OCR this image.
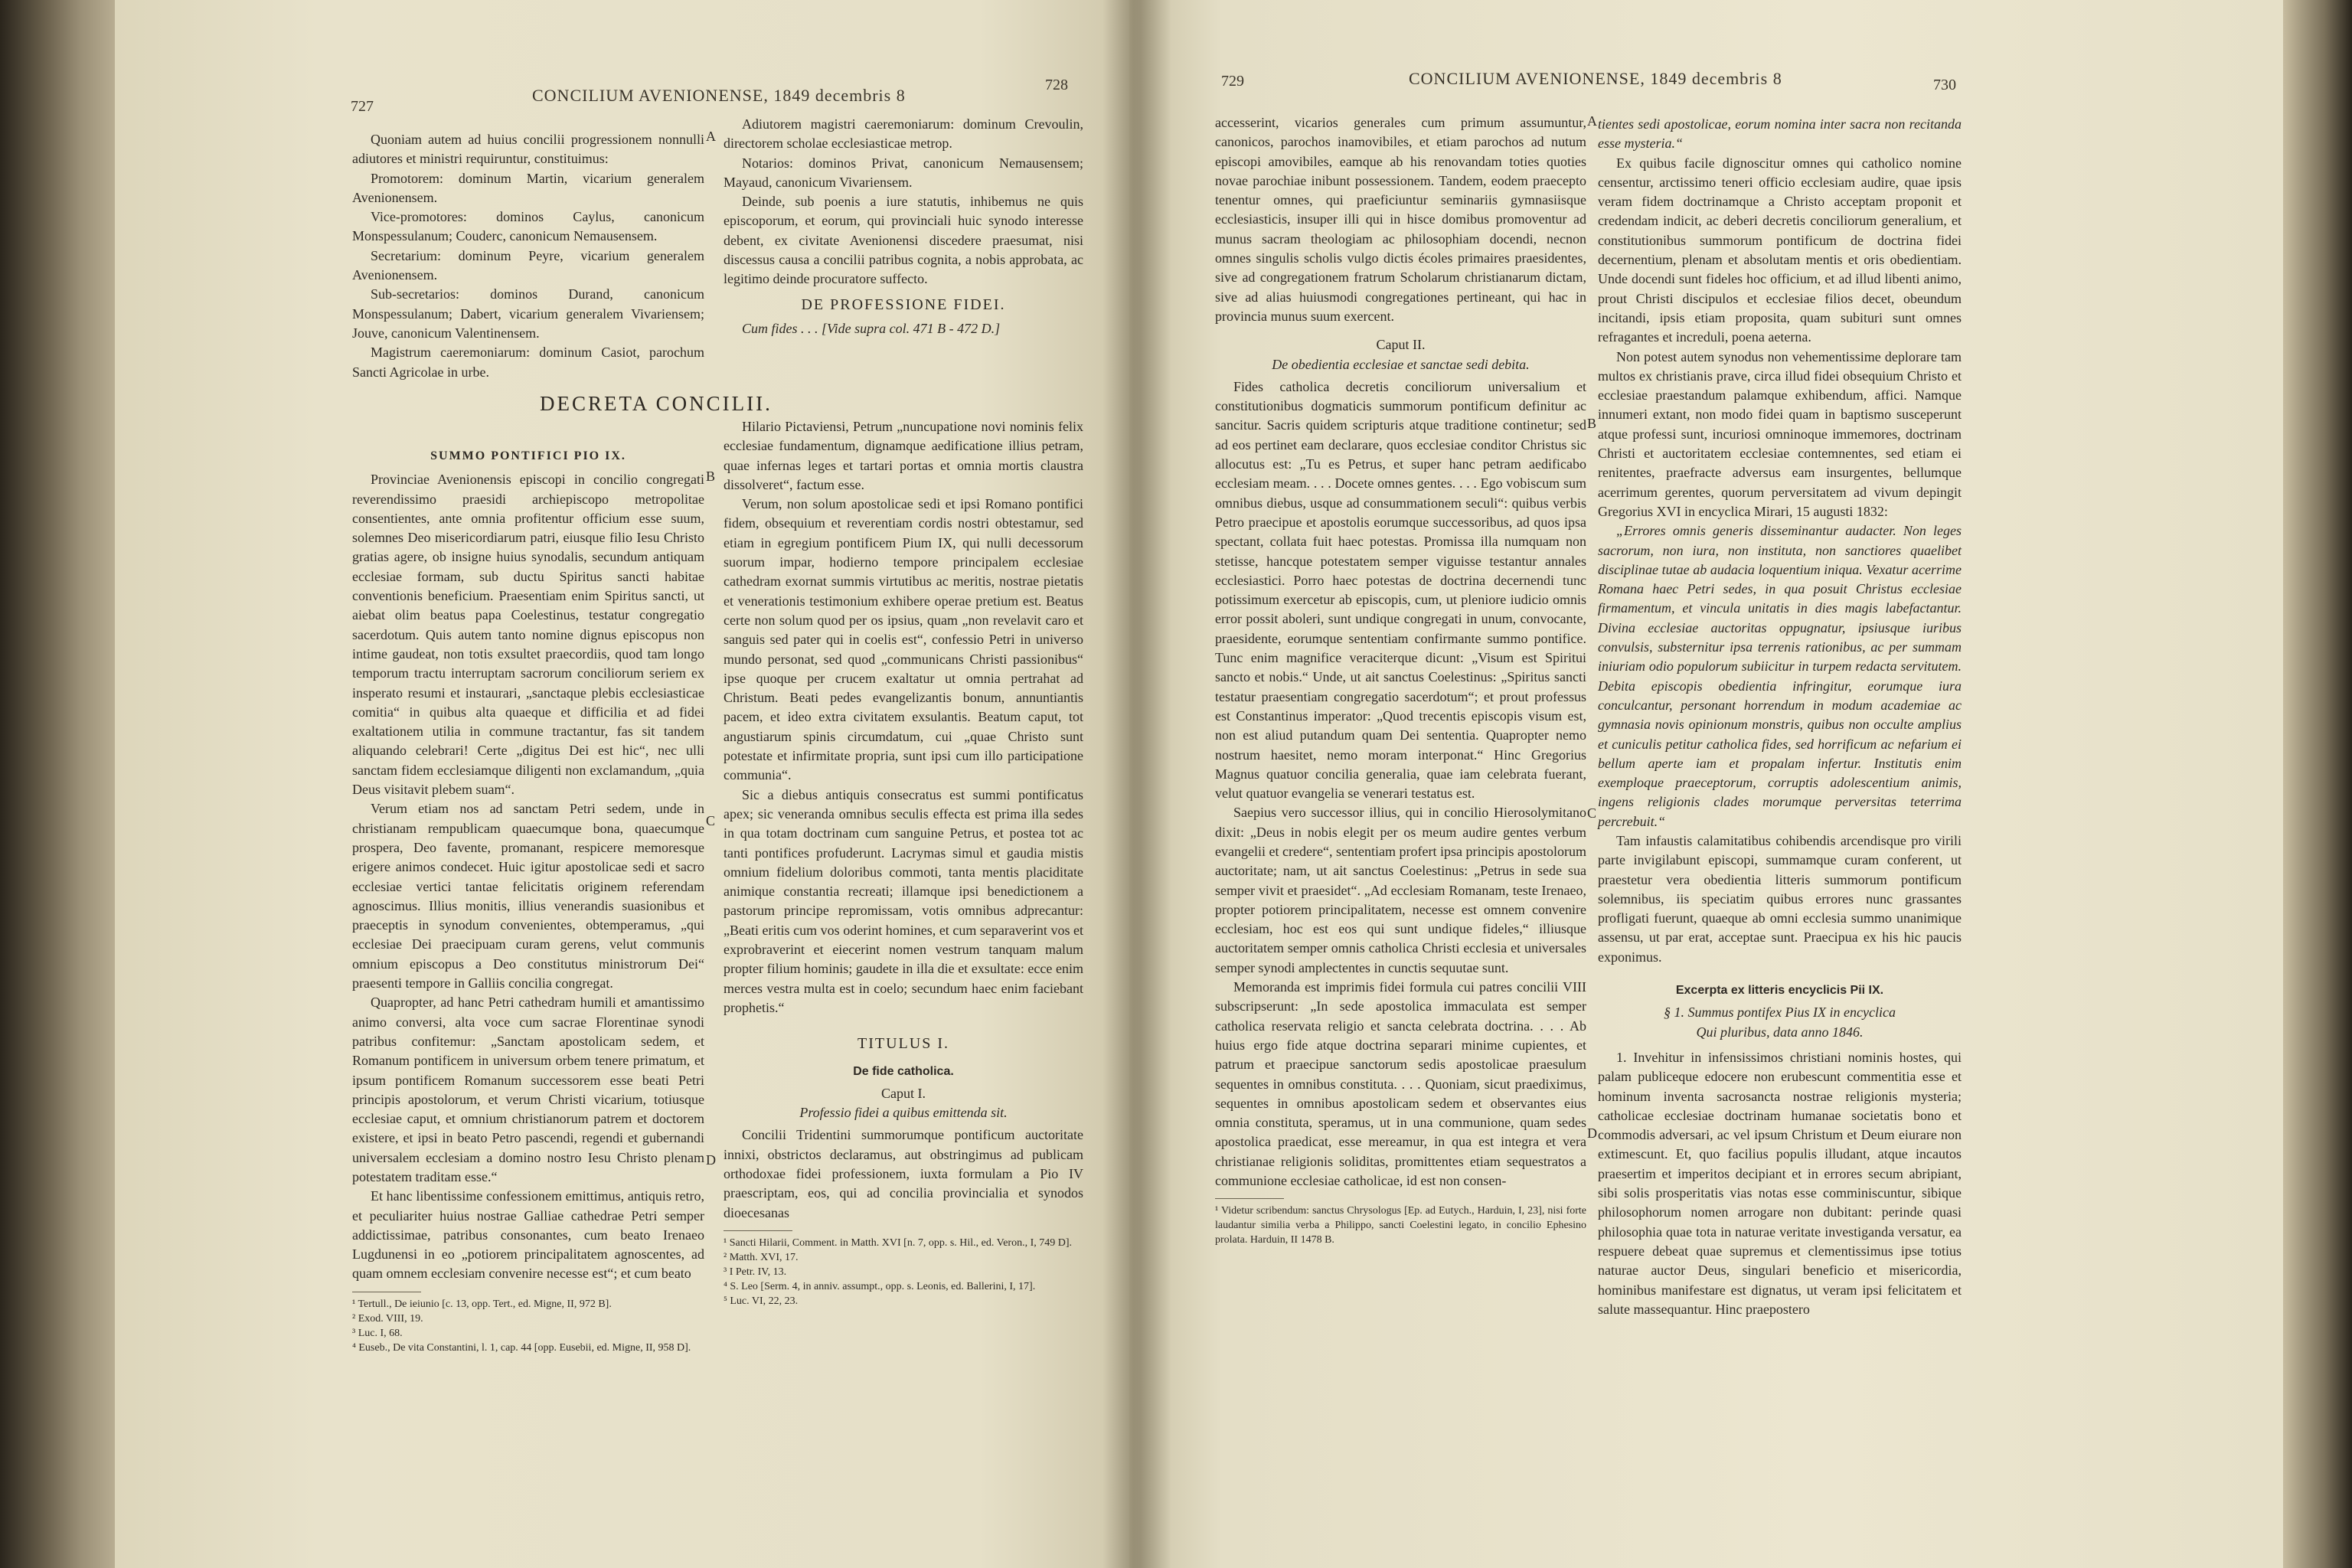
727
CONCILIUM AVENIONENSE, 1849 decembris 8
728

Quoniam autem ad huius concilii progressionem nonnulli adiutores et ministri requiruntur, constituimus:

Promotorem: dominum Martin, vicarium generalem Avenionensem.

Vice-promotores: dominos Caylus, canonicum Monspessulanum; Couderc, canonicum Nemausensem.

Secretarium: dominum Peyre, vicarium generalem Avenionensem.

Sub-secretarios: dominos Durand, canonicum Monspessulanum; Dabert, vicarium generalem Vivariensem; Jouve, canonicum Valentinensem.

Magistrum caeremoniarum: dominum Casiot, parochum Sancti Agricolae in urbe.

Adiutorem magistri caeremoniarum: dominum Crevoulin, directorem scholae ecclesiasticae metrop.

Notarios: dominos Privat, canonicum Nemausensem; Mayaud, canonicum Vivariensem.

Deinde, sub poenis a iure statutis, inhibemus ne quis episcoporum, et eorum, qui provinciali huic synodo interesse debent, ex civitate Avenionensi discedere praesumat, nisi discessus causa a concilii patribus cognita, a nobis approbata, ac legitimo deinde procuratore suffecto.

DE PROFESSIONE FIDEI.

Cum fides . . . [Vide supra col. 471 B - 472 D.]

DECRETA CONCILII.
SUMMO PONTIFICI PIO IX.

Provinciae Avenionensis episcopi in concilio congregati reverendissimo praesidi archiepiscopo metropolitae consentientes, ante omnia profitentur officium esse suum, solemnes Deo misericordiarum patri, eiusque filio Iesu Christo gratias agere, ob insigne huius synodalis, secundum antiquam ecclesiae formam, sub ductu Spiritus sancti habitae conventionis beneficium. Praesentiam enim Spiritus sancti, ut aiebat olim beatus papa Coelestinus, testatur congregatio sacerdotum. Quis autem tanto nomine dignus episcopus non intime gaudeat, non totis exsultet praecordiis, quod tam longo temporum tractu interruptam sacrorum conciliorum seriem ex insperato resumi et instaurari, „sanctaque plebis ecclesiasticae comitia“ in quibus alta quaeque et difficilia et ad fidei exaltationem utilia in commune tractantur, fas sit tandem aliquando celebrari! Certe „digitus Dei est hic“, nec ulli sanctam fidem ecclesiamque diligenti non exclamandum, „quia Deus visitavit plebem suam“.

Verum etiam nos ad sanctam Petri sedem, unde in christianam rempublicam quaecumque bona, quaecumque prospera, Deo favente, promanant, respicere memoresque erigere animos condecet. Huic igitur apostolicae sedi et sacro ecclesiae vertici tantae felicitatis originem referendam agnoscimus. Illius monitis, illius venerandis suasionibus et praeceptis in synodum convenientes, obtemperamus, „qui ecclesiae Dei praecipuam curam gerens, velut communis omnium episcopus a Deo constitutus ministrorum Dei“ praesenti tempore in Galliis concilia congregat.

Quapropter, ad hanc Petri cathedram humili et amantissimo animo conversi, alta voce cum sacrae Florentinae synodi patribus confitemur: „Sanctam apostolicam sedem, et Romanum pontificem in universum orbem tenere primatum, et ipsum pontificem Romanum successorem esse beati Petri principis apostolorum, et verum Christi vicarium, totiusque ecclesiae caput, et omnium christianorum patrem et doctorem existere, et ipsi in beato Petro pascendi, regendi et gubernandi universalem ecclesiam a domino nostro Iesu Christo plenam potestatem traditam esse.“

Et hanc libentissime confessionem emittimus, antiquis retro, et peculiariter huius nostrae Galliae cathedrae Petri semper addictissimae, patribus consonantes, cum beato Irenaeo Lugdunensi in eo „potiorem principalitatem agnoscentes, ad quam omnem ecclesiam convenire necesse est“; et cum beato

¹ Tertull., De ieiunio [c. 13, opp. Tert., ed. Migne, II, 972 B].
² Exod. VIII, 19.
³ Luc. I, 68.
⁴ Euseb., De vita Constantini, l. 1, cap. 44 [opp. Eusebii, ed. Migne, II, 958 D].

Hilario Pictaviensi, Petrum „nuncupatione novi nominis felix ecclesiae fundamentum, dignamque aedificatione illius petram, quae infernas leges et tartari portas et omnia mortis claustra dissolveret“, factum esse.

Verum, non solum apostolicae sedi et ipsi Romano pontifici fidem, obsequium et reverentiam cordis nostri obtestamur, sed etiam in egregium pontificem Pium IX, qui nulli decessorum suorum impar, hodierno tempore principalem ecclesiae cathedram exornat summis virtutibus ac meritis, nostrae pietatis et venerationis testimonium exhibere operae pretium est. Beatus certe non solum quod per os ipsius, quam „non revelavit caro et sanguis sed pater qui in coelis est“, confessio Petri in universo mundo personat, sed quod „communicans Christi passionibus“ ipse quoque per crucem exaltatur ut omnia pertrahat ad Christum. Beati pedes evangelizantis bonum, annuntiantis pacem, et ideo extra civitatem exsulantis. Beatum caput, tot angustiarum spinis circumdatum, cui „quae Christo sunt potestate et infirmitate propria, sunt ipsi cum illo participatione communia“.

Sic a diebus antiquis consecratus est summi pontificatus apex; sic veneranda omnibus seculis effecta est prima illa sedes in qua totam doctrinam cum sanguine Petrus, et postea tot ac tanti pontifices profuderunt. Lacrymas simul et gaudia mistis omnium fidelium doloribus commoti, tanta mentis placiditate animique constantia recreati; illamque ipsi benedictionem a pastorum principe repromissam, votis omnibus adprecantur: „Beati eritis cum vos oderint homines, et cum separaverint vos et exprobraverint et eiecerint nomen vestrum tanquam malum propter filium hominis; gaudete in illa die et exsultate: ecce enim merces vestra multa est in coelo; secundum haec enim faciebant prophetis.“

TITULUS I.
De fide catholica.
Caput I.
Professio fidei a quibus emittenda sit.

Concilii Tridentini summorumque pontificum auctoritate innixi, obstrictos declaramus, aut obstringimus ad publicam orthodoxae fidei professionem, iuxta formulam a Pio IV praescriptam, eos, qui ad concilia provincialia et synodos dioecesanas

¹ Sancti Hilarii, Comment. in Matth. XVI [n. 7, opp. s. Hil., ed. Veron., I, 749 D].
² Matth. XVI, 17.
³ I Petr. IV, 13.
⁴ S. Leo [Serm. 4, in anniv. assumpt., opp. s. Leonis, ed. Ballerini, I, 17].
⁵ Luc. VI, 22, 23.
A
B
C
D
729	CONCILIUM AVENIONENSE, 1849 decembris 8	730

accesserint, vicarios generales cum primum assumuntur, canonicos, parochos inamovibiles, et etiam parochos ad nutum episcopi amovibiles, eamque ab his renovandam toties quoties novae parochiae inibunt possessionem. Tandem, eodem praecepto tenentur omnes, qui praeficiuntur seminariis gymnasiisque ecclesiasticis, insuper illi qui in hisce domibus promoventur ad munus sacram theologiam ac philosophiam docendi, necnon omnes singulis scholis vulgo dictis écoles primaires praesidentes, sive ad congregationem fratrum Scholarum christianarum dictam, sive ad alias huiusmodi congregationes pertineant, qui hac in provincia munus suum exercent.

Caput II.
De obedientia ecclesiae et sanctae sedi debita.

Fides catholica decretis conciliorum universalium et constitutionibus dogmaticis summorum pontificum definitur ac sancitur. Sacris quidem scripturis atque traditione continetur; sed ad eos pertinet eam declarare, quos ecclesiae conditor Christus sic allocutus est: „Tu es Petrus, et super hanc petram aedificabo ecclesiam meam. . . . Docete omnes gentes. . . . Ego vobiscum sum omnibus diebus, usque ad consummationem seculi“: quibus verbis Petro praecipue et apostolis eorumque successoribus, ad quos ipsa spectant, collata fuit haec potestas. Promissa illa numquam non stetisse, hancque potestatem semper viguisse testantur annales ecclesiastici. Porro haec potestas de doctrina decernendi tunc potissimum exercetur ab episcopis, cum, ut pleniore iudicio omnis error possit aboleri, sunt undique congregati in unum, convocante, praesidente, eorumque sententiam confirmante summo pontifice. Tunc enim magnifice veraciterque dicunt: „Visum est Spiritui sancto et nobis.“ Unde, ut ait sanctus Coelestinus: „Spiritus sancti testatur praesentiam congregatio sacerdotum“; et prout professus est Constantinus imperator: „Quod trecentis episcopis visum est, non est aliud putandum quam Dei sententia. Quapropter nemo nostrum haesitet, nemo moram interponat.“ Hinc Gregorius Magnus quatuor concilia generalia, quae iam celebrata fuerant, velut quatuor evangelia se venerari testatus est.

Saepius vero successor illius, qui in concilio Hierosolymitano dixit: „Deus in nobis elegit per os meum audire gentes verbum evangelii et credere“, sententiam profert ipsa principis apostolorum auctoritate; nam, ut ait sanctus Coelestinus: „Petrus in sede sua semper vivit et praesidet“. „Ad ecclesiam Romanam, teste Irenaeo, propter potiorem principalitatem, necesse est omnem convenire ecclesiam, hoc est eos qui sunt undique fideles,“ illiusque auctoritatem semper omnis catholica Christi ecclesia et universales semper synodi amplectentes in cunctis sequutae sunt.

Memoranda est imprimis fidei formula cui patres concilii VIII subscripserunt: „In sede apostolica immaculata est semper catholica reservata religio et sancta celebrata doctrina. . . . Ab huius ergo fide atque doctrina separari minime cupientes, et patrum et praecipue sanctorum sedis apostolicae praesulum sequentes in omnibus constituta. . . . Quoniam, sicut praediximus, sequentes in omnibus apostolicam sedem et observantes eius omnia constituta, speramus, ut in una communione, quam sedes apostolica praedicat, esse mereamur, in qua est integra et vera christianae religionis soliditas, promittentes etiam sequestratos a communione ecclesiae catholicae, id est non consen-

¹ Videtur scribendum: sanctus Chrysologus [Ep. ad Eutych., Harduin, I, 23], nisi forte laudantur similia verba a Philippo, sancti Coelestini legato, in concilio Ephesino prolata. Harduin, II 1478 B.

tientes sedi apostolicae, eorum nomina inter sacra non recitanda esse mysteria.“

Ex quibus facile dignoscitur omnes qui catholico nomine censentur, arctissimo teneri officio ecclesiam audire, quae ipsis veram fidem doctrinamque a Christo acceptam proponit et credendam indicit, ac deberi decretis conciliorum generalium, et constitutionibus summorum pontificum de doctrina fidei decernentium, plenam et absolutam mentis et oris obedientiam. Unde docendi sunt fideles hoc officium, et ad illud libenti animo, prout Christi discipulos et ecclesiae filios decet, obeundum incitandi, ipsis etiam proposita, quam subituri sunt omnes refragantes et increduli, poena aeterna.

Non potest autem synodus non vehementissime deplorare tam multos ex christianis prave, circa illud fidei obsequium Christo et ecclesiae praestandum palamque exhibendum, affici. Namque innumeri extant, non modo fidei quam in baptismo susceperunt atque professi sunt, incuriosi omninoque immemores, doctrinam Christi et auctoritatem ecclesiae contemnentes, sed etiam ei renitentes, praefracte adversus eam insurgentes, bellumque acerrimum gerentes, quorum perversitatem ad vivum depingit Gregorius XVI in encyclica Mirari, 15 augusti 1832:

„Errores omnis generis disseminantur audacter. Non leges sacrorum, non iura, non instituta, non sanctiores quaelibet disciplinae tutae ab audacia loquentium iniqua. Vexatur acerrime Romana haec Petri sedes, in qua posuit Christus ecclesiae firmamentum, et vincula unitatis in dies magis labefactantur. Divina ecclesiae auctoritas oppugnatur, ipsiusque iuribus convulsis, substernitur ipsa terrenis rationibus, ac per summam iniuriam odio populorum subiicitur in turpem redacta servitutem. Debita episcopis obedientia infringitur, eorumque iura conculcantur, personant horrendum in modum academiae ac gymnasia novis opinionum monstris, quibus non occulte amplius et cuniculis petitur catholica fides, sed horrificum ac nefarium ei bellum aperte iam et propalam infertur. Institutis enim exemploque praeceptorum, corruptis adolescentium animis, ingens religionis clades morumque perversitas teterrima percrebuit.“

Tam infaustis calamitatibus cohibendis arcendisque pro virili parte invigilabunt episcopi, summamque curam conferent, ut praestetur vera obedientia litteris summorum pontificum solemnibus, iis speciatim quibus errores nunc grassantes profligati fuerunt, quaeque ab omni ecclesia summo unanimique assensu, ut par erat, acceptae sunt. Praecipua ex his hic paucis exponimus.

Excerpta ex litteris encyclicis Pii IX.
§ 1. Summus pontifex Pius IX in encyclica
Qui pluribus, data anno 1846.

1. Invehitur in infensissimos christiani nominis hostes, qui palam publiceque edocere non erubescunt commentitia esse et hominum inventa sacrosancta nostrae religionis mysteria; catholicae ecclesiae doctrinam humanae societatis bono et commodis adversari, ac vel ipsum Christum et Deum eiurare non extimescunt. Et, quo facilius populis illudant, atque incautos praesertim et imperitos decipiant et in errores secum abripiant, sibi solis prosperitatis vias notas esse comminiscuntur, sibique philosophorum nomen arrogare non dubitant: perinde quasi philosophia quae tota in naturae veritate investiganda versatur, ea respuere debeat quae supremus et clementissimus ipse totius naturae auctor Deus, singulari beneficio et misericordia, hominibus manifestare est dignatus, ut veram ipsi felicitatem et salute massequantur. Hinc praepostero

A
B
C
D
